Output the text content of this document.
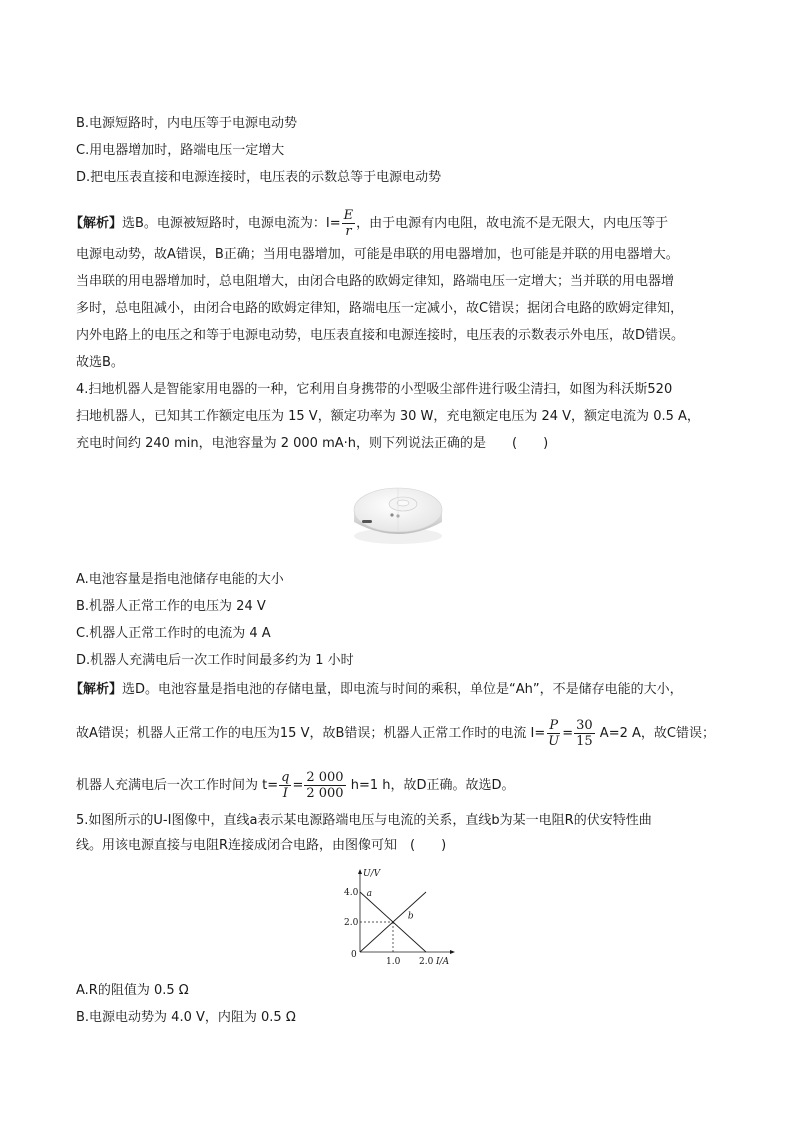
B.电源短路时，内电压等于电源电动势
C.用电器增加时，路端电压一定增大
D.把电压表直接和电源连接时，电压表的示数总等于电源电动势
【解析】选B。电源被短路时，电源电流为：$I= \frac{E}{r}$ ，由于电源有内电阻，故电流不是无限大，内电压等于
电源电动势，故A错误，B正确；当用电器增加，可能是串联的用电器增加，也可能是并联的用电器增大。
当串联的用电器增加时，总电阻增大，由闭合电路的欧姆定律知，路端电压一定增大；当并联的用电器增
多时，总电阻减小，由闭合电路的欧姆定律知，路端电压一定减小，故C错误；据闭合电路的欧姆定律知，
内外电路上的电压之和等于电源电动势，电压表直接和电源连接时，电压表的示数表示外电压，故D错误。
故选B。
4.扫地机器人是智能家用电器的一种，它利用自身携带的小型吸尘部件进行吸尘清扫，如图为科沃斯520
扫地机器人，已知其工作额定电压为 15 V，额定功率为 30 W，充电额定电压为 24 V，额定电流为 0.5 A，
充电时间约 240 min，电池容量为 2 000 mA·h，则下列说法正确的是　　(　　)
A.电池容量是指电池储存电能的大小
B.机器人正常工作的电压为 24 V
C.机器人正常工作时的电流为 4 A
D.机器人充满电后一次工作时间最多约为 1 小时
【解析】选D。电池容量是指电池的存储电量，即电流与时间的乘积，单位是“Ah”，不是储存电能的大小，
故A错误；机器人正常工作的电压为15 V，故B错误；机器人正常工作时的电流 $I= \frac{P}{U} = \frac{30}{15} A=2$ A，故C错误；
机器人充满电后一次工作时间为 $t= \frac{q}{I} = \frac{2 000}{2 000} h=1$ h，故D正确。故选D。
5.如图所示的U-I图像中，直线a表示某电源路端电压与电流的关系，直线b为某一电阻R的伏安特性曲
线。用该电源直接与电阻R连接成闭合电路，由图像可知　(　　)
U/V
I/A
0
4.0
2.0
1.0 2.0
a
b
A.R的阻值为 0.5 Ω
B.电源电动势为 4.0 V，内阻为 0.5 Ω
